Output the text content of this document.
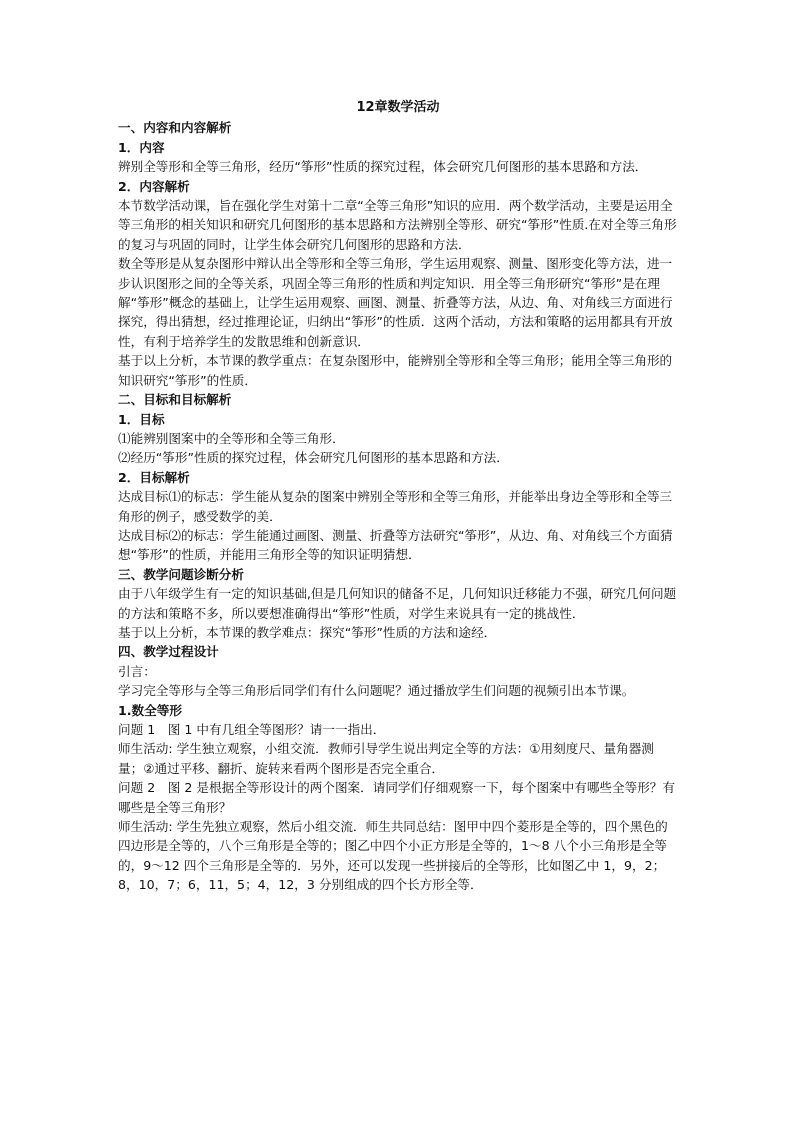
12章数学活动

一、内容和内容解析

1．内容

辨别全等形和全等三角形，经历“筝形”性质的探究过程，体会研究几何图形的基本思路和方法．

2．内容解析

本节数学活动课，旨在强化学生对第十二章“全等三角形”知识的应用．两个数学活动，主要是运用全等三角形的相关知识和研究几何图形的基本思路和方法辨别全等形、研究“筝形”性质.在对全等三角形的复习与巩固的同时，让学生体会研究几何图形的思路和方法．

数全等形是从复杂图形中辩认出全等形和全等三角形，学生运用观察、测量、图形变化等方法，进一步认识图形之间的全等关系，巩固全等三角形的性质和判定知识．用全等三角形研究“筝形”是在理解“筝形”概念的基础上，让学生运用观察、画图、测量、折叠等方法，从边、角、对角线三方面进行探究，得出猜想，经过推理论证，归纳出“筝形”的性质．这两个活动，方法和策略的运用都具有开放性，有利于培养学生的发散思维和创新意识．

基于以上分析，本节课的教学重点：在复杂图形中，能辨别全等形和全等三角形；能用全等三角形的知识研究“筝形”的性质．

二、目标和目标解析

1．目标

⑴能辨别图案中的全等形和全等三角形．

⑵经历“筝形”性质的探究过程，体会研究几何图形的基本思路和方法．

2．目标解析

达成目标⑴的标志：学生能从复杂的图案中辨别全等形和全等三角形，并能举出身边全等形和全等三角形的例子，感受数学的美．

达成目标⑵的标志：学生能通过画图、测量、折叠等方法研究“筝形”，从边、角、对角线三个方面猜想“筝形”的性质，并能用三角形全等的知识证明猜想．

三、教学问题诊断分析

由于八年级学生有一定的知识基础,但是几何知识的储备不足，几何知识迁移能力不强，研究几何问题的方法和策略不多，所以要想准确得出“筝形”性质，对学生来说具有一定的挑战性．

基于以上分析，本节课的教学难点：探究“筝形”性质的方法和途经．

四、教学过程设计

引言：

学习完全等形与全等三角形后同学们有什么问题呢？通过播放学生们问题的视频引出本节课。

1.数全等形

问题 1　图 1 中有几组全等图形？请一一指出．

师生活动: 学生独立观察，小组交流．教师引导学生说出判定全等的方法：①用刻度尺、量角器测量；②通过平移、翻折、旋转来看两个图形是否完全重合．

问题 2　图 2 是根据全等形设计的两个图案．请同学们仔细观察一下，每个图案中有哪些全等形？有哪些是全等三角形？

师生活动: 学生先独立观察，然后小组交流．师生共同总结：图甲中四个菱形是全等的，四个黑色的四边形是全等的，八个三角形是全等的；图乙中四个小正方形是全等的，1～8 八个小三角形是全等的，9～12 四个三角形是全等的．另外，还可以发现一些拼接后的全等形，比如图乙中 1，9，2；8，10，7；6，11，5；4，12，3 分别组成的四个长方形全等．
